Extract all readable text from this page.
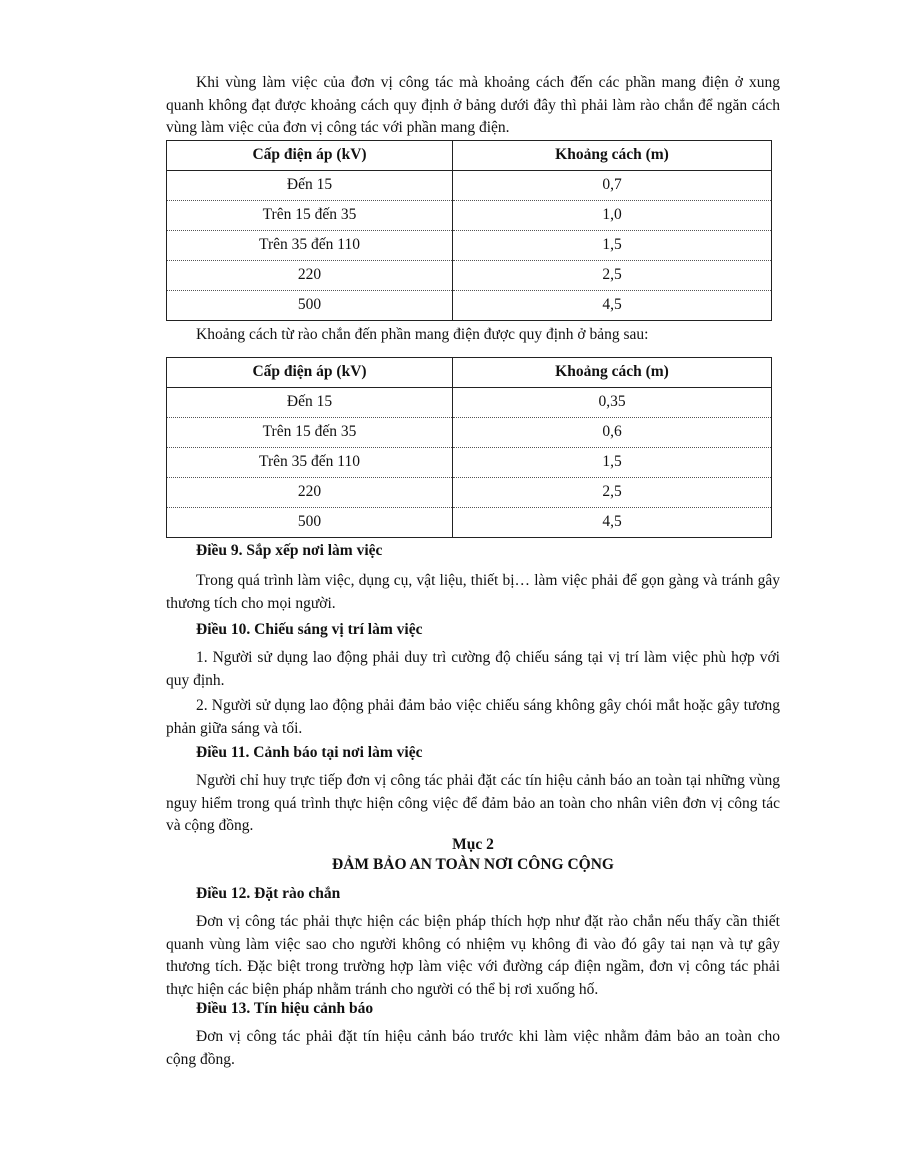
Khi vùng làm việc của đơn vị công tác mà khoảng cách đến các phần mang điện ở xung quanh không đạt được khoảng cách quy định ở bảng dưới đây thì phải làm rào chắn để ngăn cách vùng làm việc của đơn vị công tác với phần mang điện.

Cấp điện áp (kV)	Khoảng cách (m)
Đến 15	0,7
Trên 15 đến 35	1,0
Trên 35 đến 110	1,5
220	2,5
500	4,5

Khoảng cách từ rào chắn đến phần mang điện được quy định ở bảng sau:

Cấp điện áp (kV)	Khoảng cách (m)
Đến 15	0,35
Trên 15 đến 35	0,6
Trên 35 đến 110	1,5
220	2,5
500	4,5

Điều 9. Sắp xếp nơi làm việc

Trong quá trình làm việc, dụng cụ, vật liệu, thiết bị… làm việc phải để gọn gàng và tránh gây thương tích cho mọi người.

Điều 10. Chiếu sáng vị trí làm việc

1. Người sử dụng lao động phải duy trì cường độ chiếu sáng tại vị trí làm việc phù hợp với quy định.

2. Người sử dụng lao động phải đảm bảo việc chiếu sáng không gây chói mắt hoặc gây tương phản giữa sáng và tối.

Điều 11. Cảnh báo tại nơi làm việc

Người chỉ huy trực tiếp đơn vị công tác phải đặt các tín hiệu cảnh báo an toàn tại những vùng nguy hiểm trong quá trình thực hiện công việc để đảm bảo an toàn cho nhân viên đơn vị công tác và cộng đồng.

Mục 2

ĐẢM BẢO AN TOÀN NƠI CÔNG CỘNG

Điều 12. Đặt rào chắn

Đơn vị công tác phải thực hiện các biện pháp thích hợp như đặt rào chắn nếu thấy cần thiết quanh vùng làm việc sao cho người không có nhiệm vụ không đi vào đó gây tai nạn và tự gây thương tích. Đặc biệt trong trường hợp làm việc với đường cáp điện ngầm, đơn vị công tác phải thực hiện các biện pháp nhằm tránh cho người có thể bị rơi xuống hố.

Điều 13. Tín hiệu cảnh báo

Đơn vị công tác phải đặt tín hiệu cảnh báo trước khi làm việc nhằm đảm bảo an toàn cho cộng đồng.
